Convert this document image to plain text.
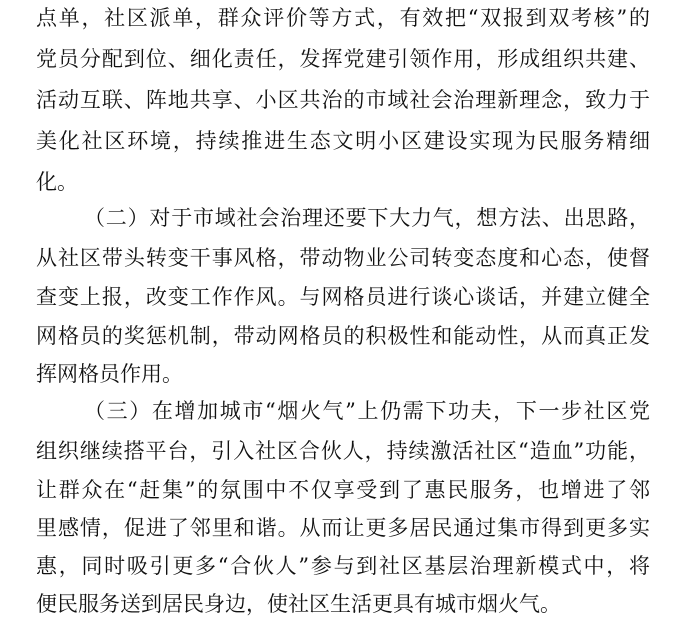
点单，社区派单，群众评价等方式，有效把“双报到双考核”的
党员分配到位、细化责任，发挥党建引领作用，形成组织共建、
活动互联、阵地共享、小区共治的市域社会治理新理念，致力于
美化社区环境，持续推进生态文明小区建设实现为民服务精细
化。
（二）对于市域社会治理还要下大力气，想方法、出思路，
从社区带头转变干事风格，带动物业公司转变态度和心态，使督
查变上报，改变工作作风。与网格员进行谈心谈话，并建立健全
网格员的奖惩机制，带动网格员的积极性和能动性，从而真正发
挥网格员作用。
（三）在增加城市“烟火气”上仍需下功夫，下一步社区党
组织继续搭平台，引入社区合伙人，持续激活社区“造血”功能，
让群众在“赶集”的氛围中不仅享受到了惠民服务，也增进了邻
里感情，促进了邻里和谐。从而让更多居民通过集市得到更多实
惠，同时吸引更多“合伙人”参与到社区基层治理新模式中，将
便民服务送到居民身边，使社区生活更具有城市烟火气。
